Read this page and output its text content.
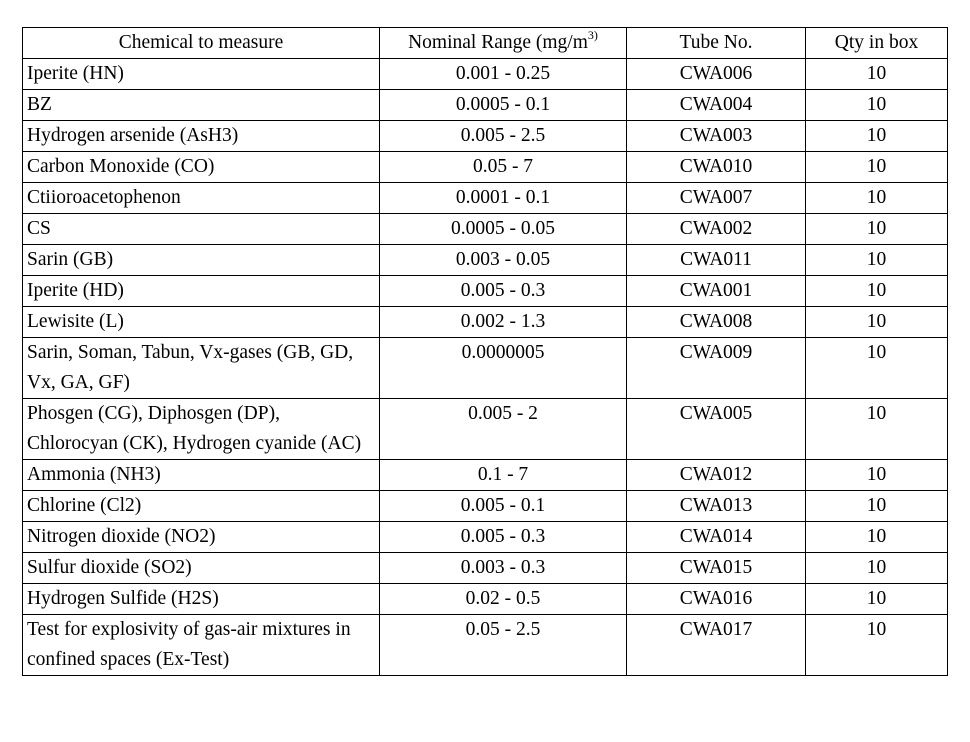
Chemical to measure	Nominal Range ($mg/m^{3)}$	Tube No.	Qty in box
Iperite (HN)	0.001 - 0.25	CWA006	10
BZ	0.0005 - 0.1	CWA004	10
Hydrogen arsenide (AsH3)	0.005 - 2.5	CWA003	10
Carbon Monoxide (CO)	0.05 - 7	CWA010	10
Ctiioroacetophenon	0.0001 - 0.1	CWA007	10
CS	0.0005 - 0.05	CWA002	10
Sarin (GB)	0.003 - 0.05	CWA011	10
Iperite (HD)	0.005 - 0.3	CWA001	10
Lewisite (L)	0.002 - 1.3	CWA008	10
Sarin, Soman, Tabun, Vx-gases (GB, GD, Vx, GA, GF)	0.0000005	CWA009	10
Phosgen (CG), Diphosgen (DP), Chlorocyan (CK), Hydrogen cyanide (AC)	0.005 - 2	CWA005	10
Ammonia (NH3)	0.1 - 7	CWA012	10
Chlorine (Cl2)	0.005 - 0.1	CWA013	10
Nitrogen dioxide (NO2)	0.005 - 0.3	CWA014	10
Sulfur dioxide (SO2)	0.003 - 0.3	CWA015	10
Hydrogen Sulfide (H2S)	0.02 - 0.5	CWA016	10
Test for explosivity of gas-air mixtures in confined spaces (Ex-Test)	0.05 - 2.5	CWA017	10
